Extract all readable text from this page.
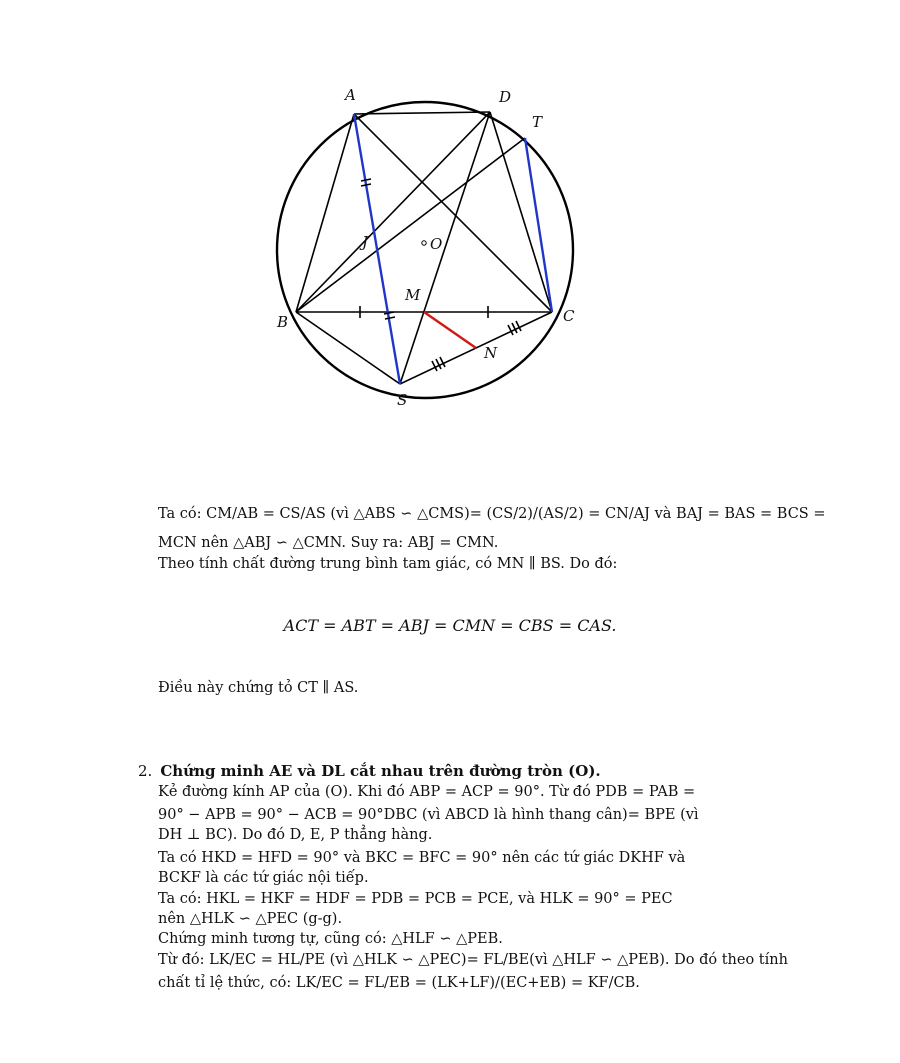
A	D
T
O
J
M
B	C
N
S
Ta có: CM/AB = CS/AS (vì △ABS ∽ △CMS)= (CS/2)/(AS/2) = CN/AJ và BAJ = BAS = BCS =
MCN nên △ABJ ∽ △CMN. Suy ra: ABJ = CMN.
Theo tính chất đường trung bình tam giác, có MN ∥ BS. Do đó:
ACT = ABT = ABJ = CMN = CBS = CAS.
Điều này chứng tỏ CT ∥ AS.
2. Chứng minh AE và DL cắt nhau trên đường tròn (O).
Kẻ đường kính AP của (O). Khi đó ABP = ACP = 90°. Từ đó PDB = PAB =
90° − APB = 90° − ACB = 90°DBC (vì ABCD là hình thang cân)= BPE (vì
DH ⊥ BC). Do đó D, E, P thẳng hàng.
Ta có HKD = HFD = 90° và BKC = BFC = 90° nên các tứ giác DKHF và
BCKF là các tứ giác nội tiếp.
Ta có: HKL = HKF = HDF = PDB = PCB = PCE, và HLK = 90° = PEC
nên △HLK ∽ △PEC (g-g).
Chứng minh tương tự, cũng có: △HLF ∽ △PEB.
Từ đó: LK/EC = HL/PE (vì △HLK ∽ △PEC)= FL/BE(vì △HLF ∽ △PEB). Do đó theo tính
chất tỉ lệ thức, có: LK/EC = FL/EB = (LK+LF)/(EC+EB) = KF/CB.
